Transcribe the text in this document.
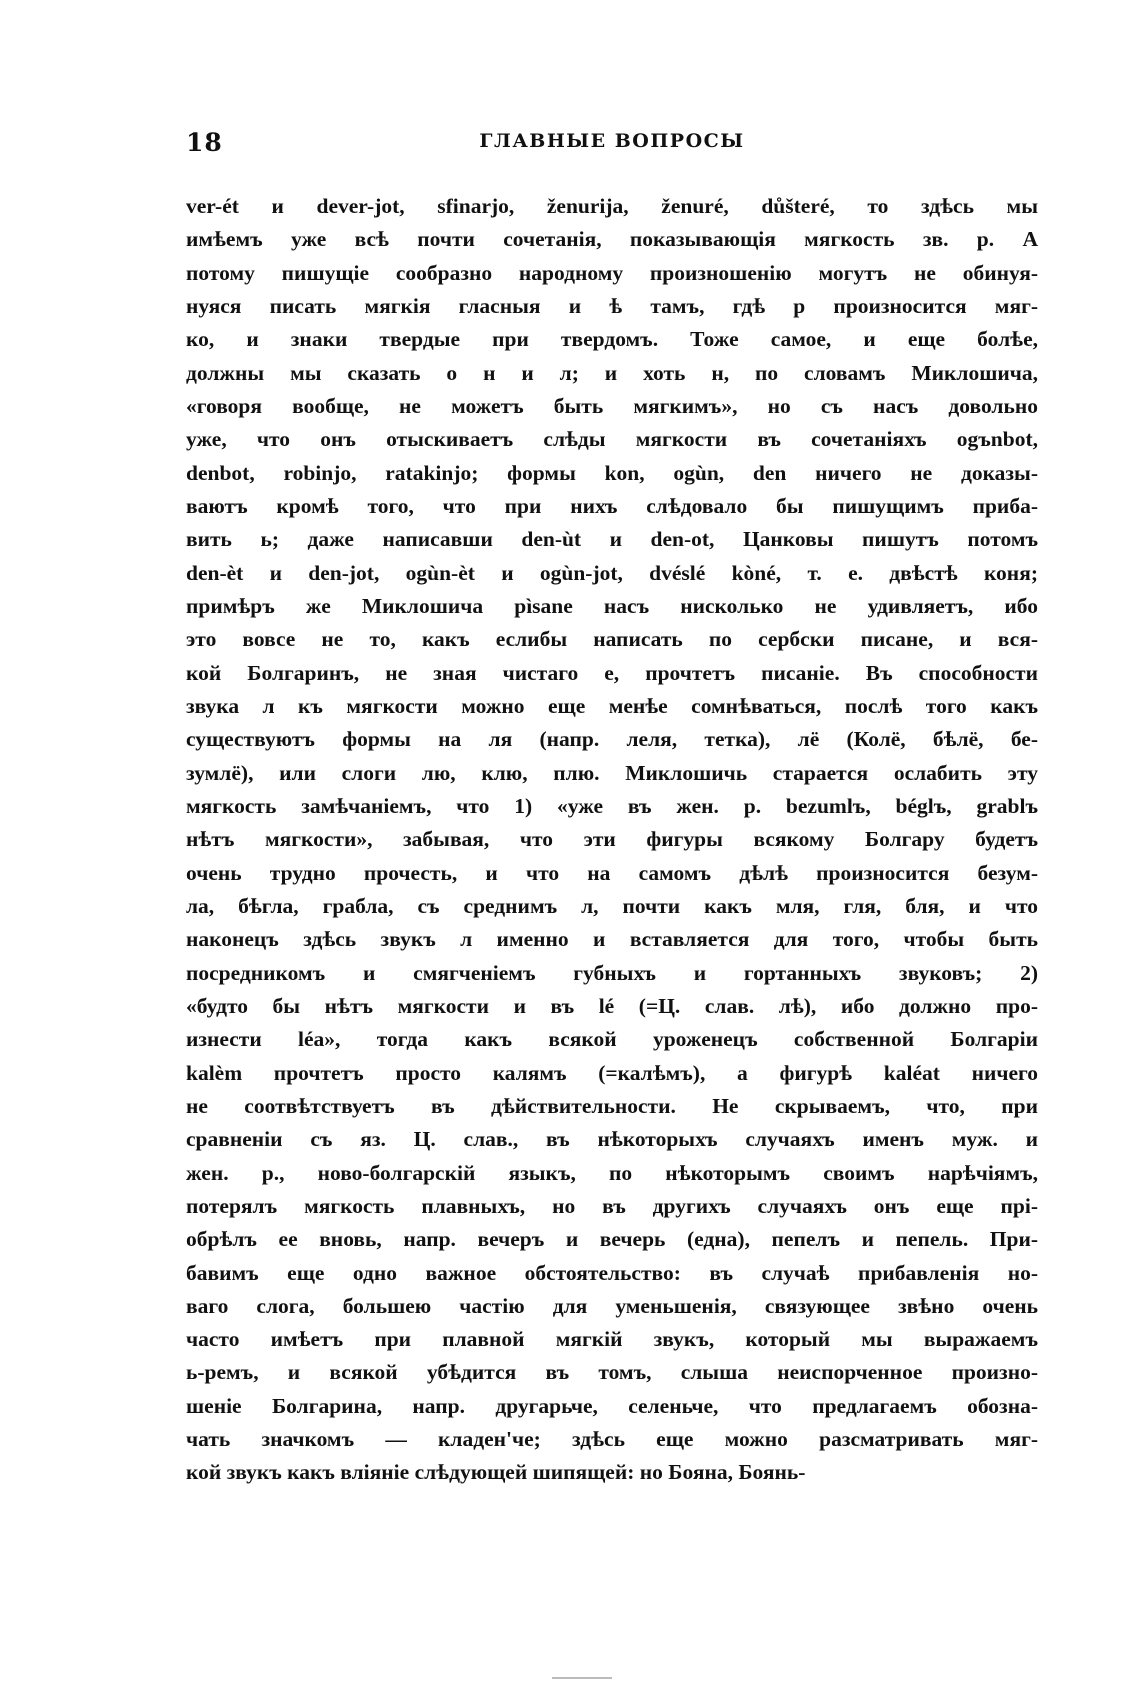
18	ГЛАВНЫЕ ВОПРОСЫ
ver-ét и dever-jot, sfinarjo, ženurija, ženuré, důšteré, то здѣсь мы
имѣемъ уже всѣ почти сочетанія, показывающія мягкость зв. р. А
потому пишущіе сообразно народному произношенію могутъ не обинуя-
нуяся писать мягкія гласныя и ѣ тамъ, гдѣ р произносится мяг-
ко, и знаки твердые при твердомъ. Тоже самое, и еще болѣе,
должны мы сказать о н и л; и хоть н, по словамъ Миклошича,
«говоря вообще, не можетъ быть мягкимъ», но съ насъ довольно
уже, что онъ отыскиваетъ слѣды мягкости въ сочетаніяхъ ogъnbot,
denbot, robinjo, ratakinjo; формы kon, ogùn, den ничего не доказы-
ваютъ кромѣ того, что при нихъ слѣдовало бы пишущимъ прибa-
вить ь; даже написавши den-ùt и den-ot, Цанковы пишутъ потомъ
den-èt и den-jot, ogùn-èt и ogùn-jot, dvéslé kòné, т. е. двѣстѣ коня;
примѣръ же Миклошича pìsane насъ нисколько не удивляетъ, ибо
это вовсе не то, какъ еслибы написать по сербски писане, и вся-
кой Болгаринъ, не зная чистаго е, прочтетъ писаніе. Въ способности
звука л къ мягкости можно еще менѣе сомнѣваться, послѣ того какъ
существуютъ формы на ля (напр. леля, тетка), лё (Колё, бѣлё, бе-
зумлё), или слоги лю, клю, плю. Миклошичь старается ослабить эту
мягкость замѣчаніемъ, что 1) «уже въ жен. р. bezumlъ, béglъ, grablъ
нѣтъ мягкости», забывая, что эти фигуры всякому Болгару будетъ
очень трудно прочесть, и что на самомъ дѣлѣ произносится безум-
ла, бѣгла, грабла, съ среднимъ л, почти какъ мля, гля, бля, и что
наконецъ здѣсь звукъ л именно и вставляется для того, чтобы быть
посредникомъ и смягченіемъ губныхъ и гортанныхъ звуковъ; 2)
«будто бы нѣтъ мягкости и въ lé (=Ц. слав. лѣ), ибо должно про-
изнести léa», тогда какъ всякой уроженецъ собственной Болгаріи
kalèm прочтетъ просто калямъ (=калѣмъ), а фигурѣ kaléat ничего
не соотвѣтствуетъ въ дѣйствительности. Не скрываемъ, что, при
сравненіи съ яз. Ц. слав., въ нѣкоторыхъ случаяхъ именъ муж. и
жен. р., ново-болгарскій языкъ, по нѣкоторымъ своимъ нарѣчіямъ,
потерялъ мягкость плавныхъ, но въ другихъ случаяхъ онъ еще прі-
обрѣлъ ее вновь, напр. вечеръ и вечерь (една), пепелъ и пепель. При-
бавимъ еще одно важное обстоятельство: въ случаѣ прибавленія но-
ваго слога, большею частію для уменьшенія, связующее звѣно очень
часто имѣетъ при плавной мягкій звукъ, который мы выражаемъ
ь-ремъ, и всякой убѣдится въ томъ, слыша неиспорченное произно-
шеніе Болгарина, напр. другарьче, селеньче, что предлагаемъ обозна-
чать значкомъ — кладен'че; здѣсь еще можно разсматривать мяг-
кой звукъ какъ вліяніе слѣдующей шипящей: но Бояна, Боянь-
